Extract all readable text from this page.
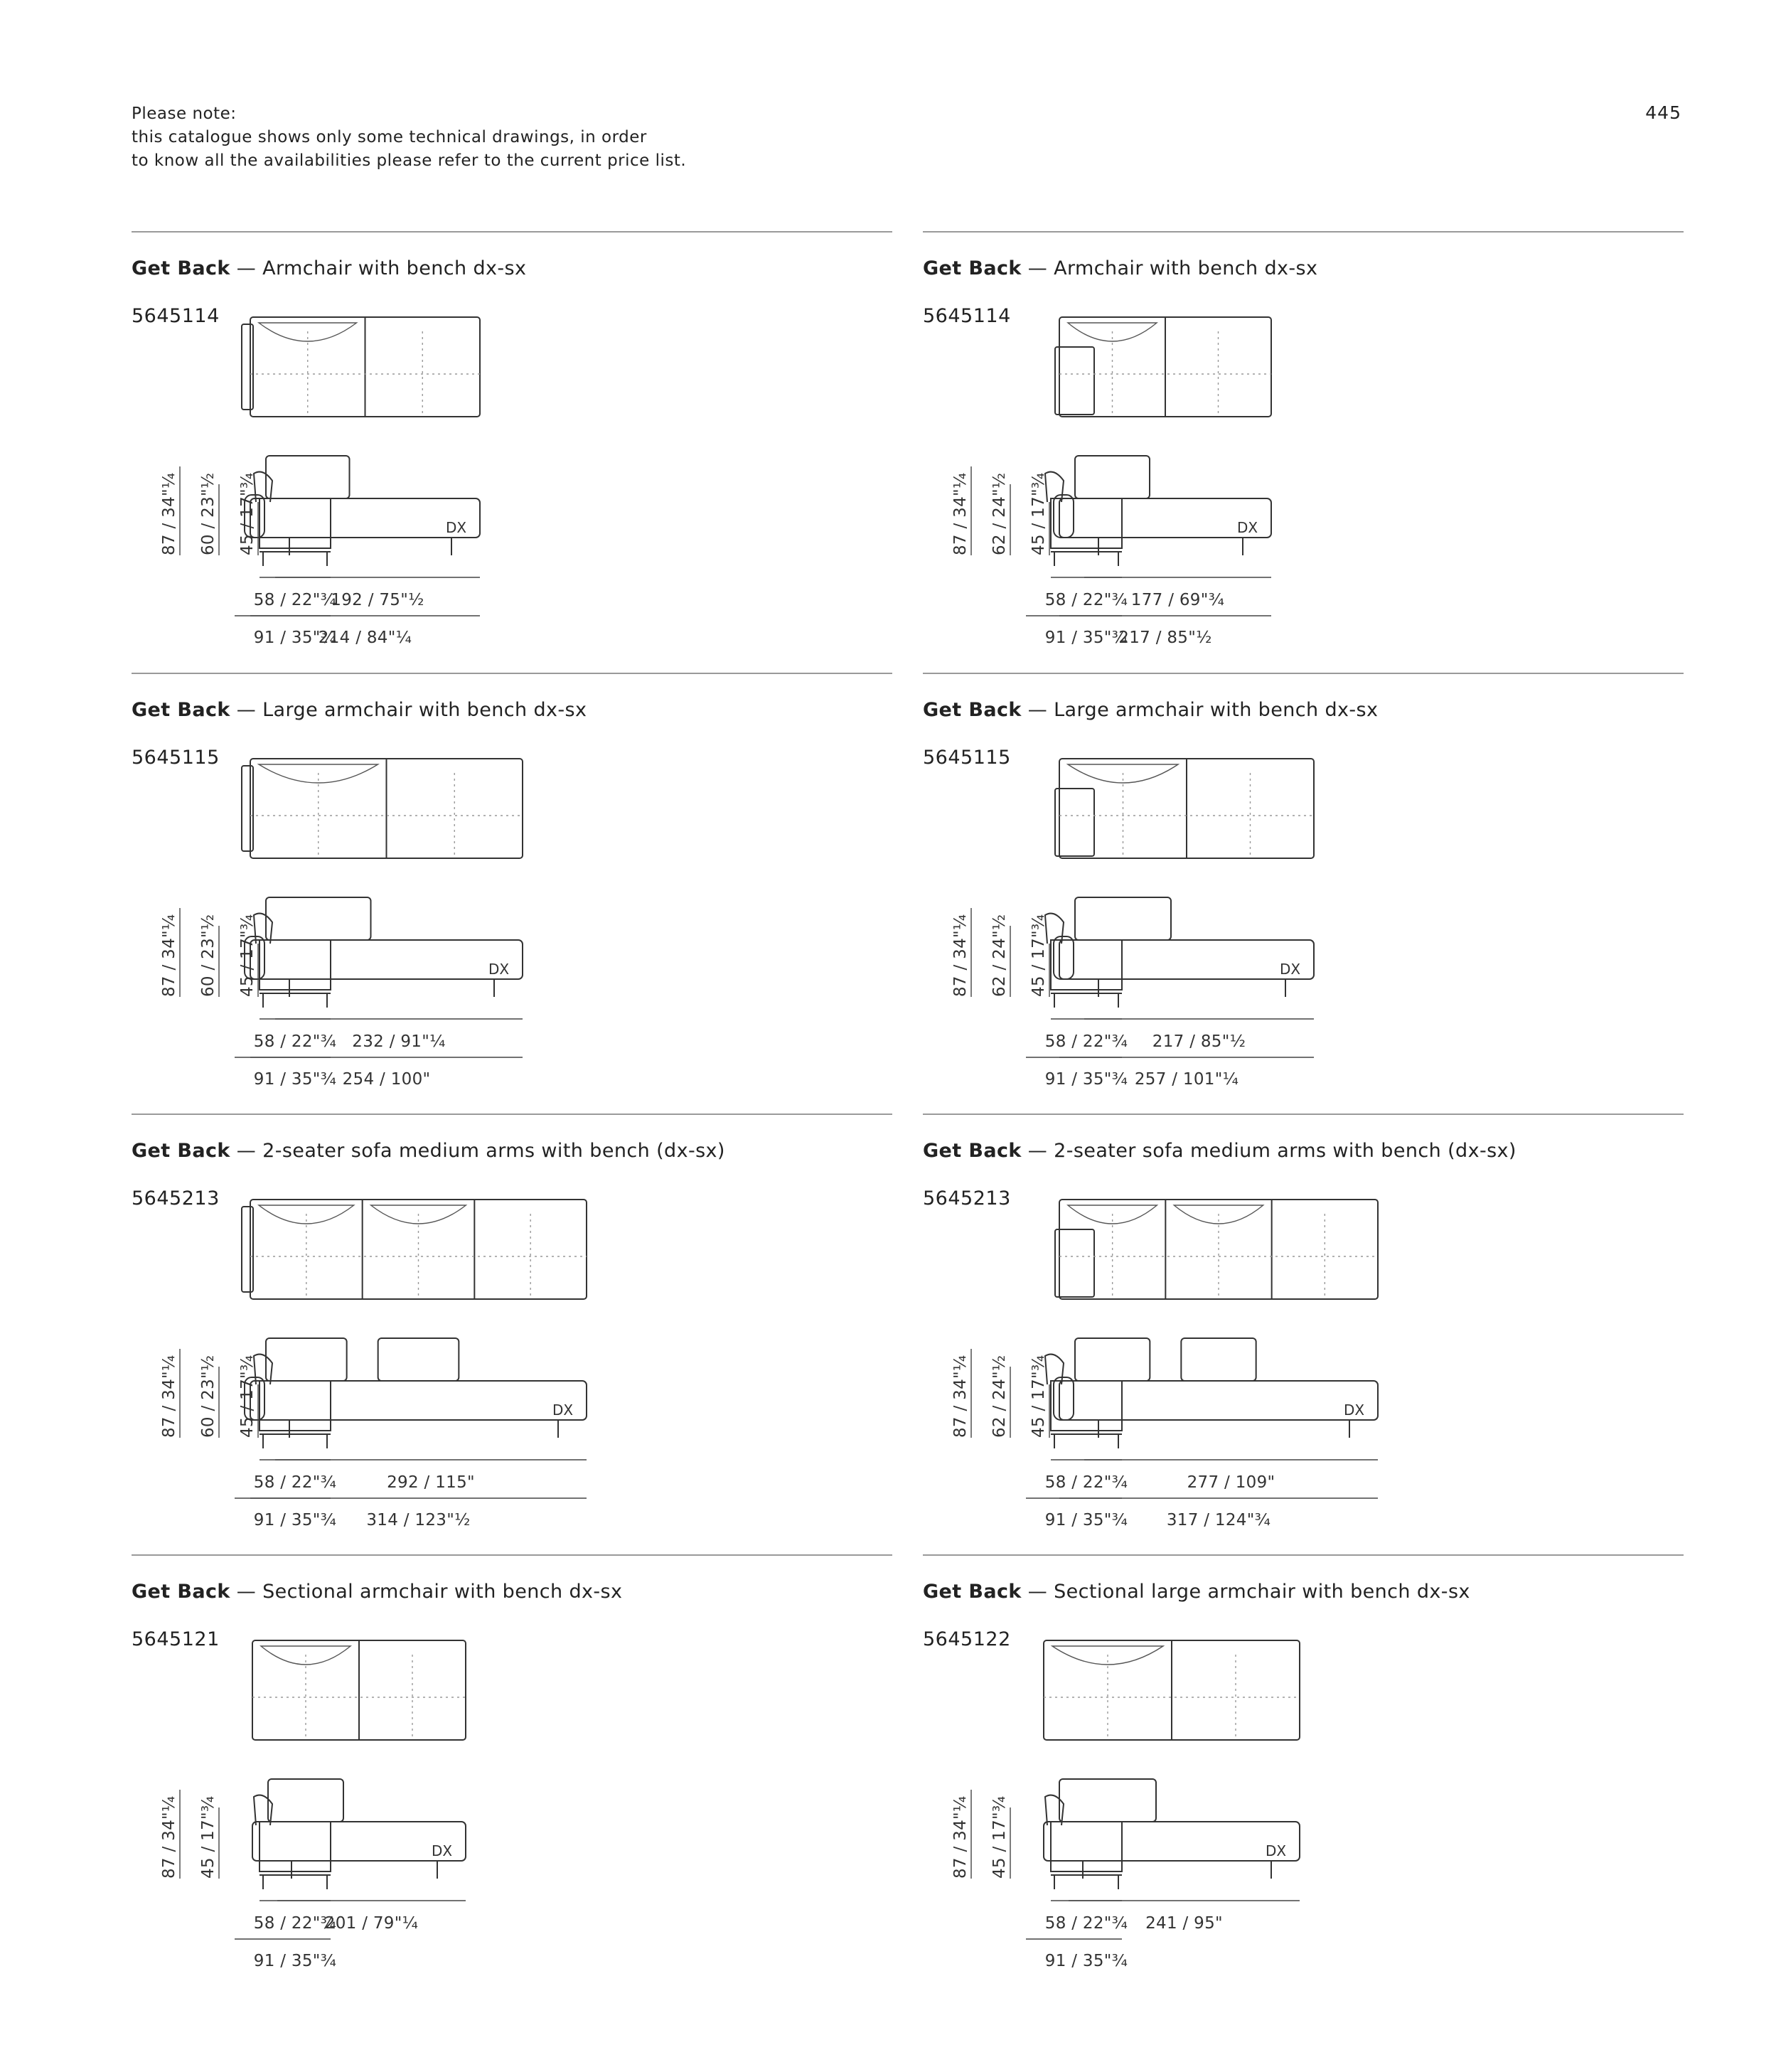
Please note:
this catalogue shows only some technical drawings, in order
to know all the availabilities please refer to the current price list.
445
Get Back — Armchair with bench dx-sx
5645114
DX
87 / 34"¼ 60 / 23"½ 45 / 17"¾
58 / 22"¾
91 / 35"¾
192 / 75"½
214 / 84"¼
Get Back — Armchair with bench dx-sx
5645114
DX
87 / 34"¼ 62 / 24"½ 45 / 17"¾
58 / 22"¾
91 / 35"¾
177 / 69"¾
217 / 85"½
Get Back — Large armchair with bench dx-sx
5645115
DX
87 / 34"¼ 60 / 23"½ 45 / 17"¾
58 / 22"¾
91 / 35"¾
232 / 91"¼
254 / 100"
Get Back — Large armchair with bench dx-sx
5645115
DX
87 / 34"¼ 62 / 24"½ 45 / 17"¾
58 / 22"¾
91 / 35"¾
217 / 85"½
257 / 101"¼
Get Back — 2-seater sofa medium arms with bench (dx-sx)
5645213
DX
87 / 34"¼ 60 / 23"½ 45 / 17"¾
58 / 22"¾
91 / 35"¾
292 / 115"
314 / 123"½
Get Back — 2-seater sofa medium arms with bench (dx-sx)
5645213
DX
87 / 34"¼ 62 / 24"½ 45 / 17"¾
58 / 22"¾
91 / 35"¾
277 / 109"
317 / 124"¾
Get Back — Sectional armchair with bench dx-sx
5645121
DX
87 / 34"¼ 45 / 17"¾
58 / 22"¾
91 / 35"¾
201 / 79"¼
Get Back — Sectional large armchair with bench dx-sx
5645122
DX
87 / 34"¼ 45 / 17"¾
58 / 22"¾
91 / 35"¾
241 / 95"
